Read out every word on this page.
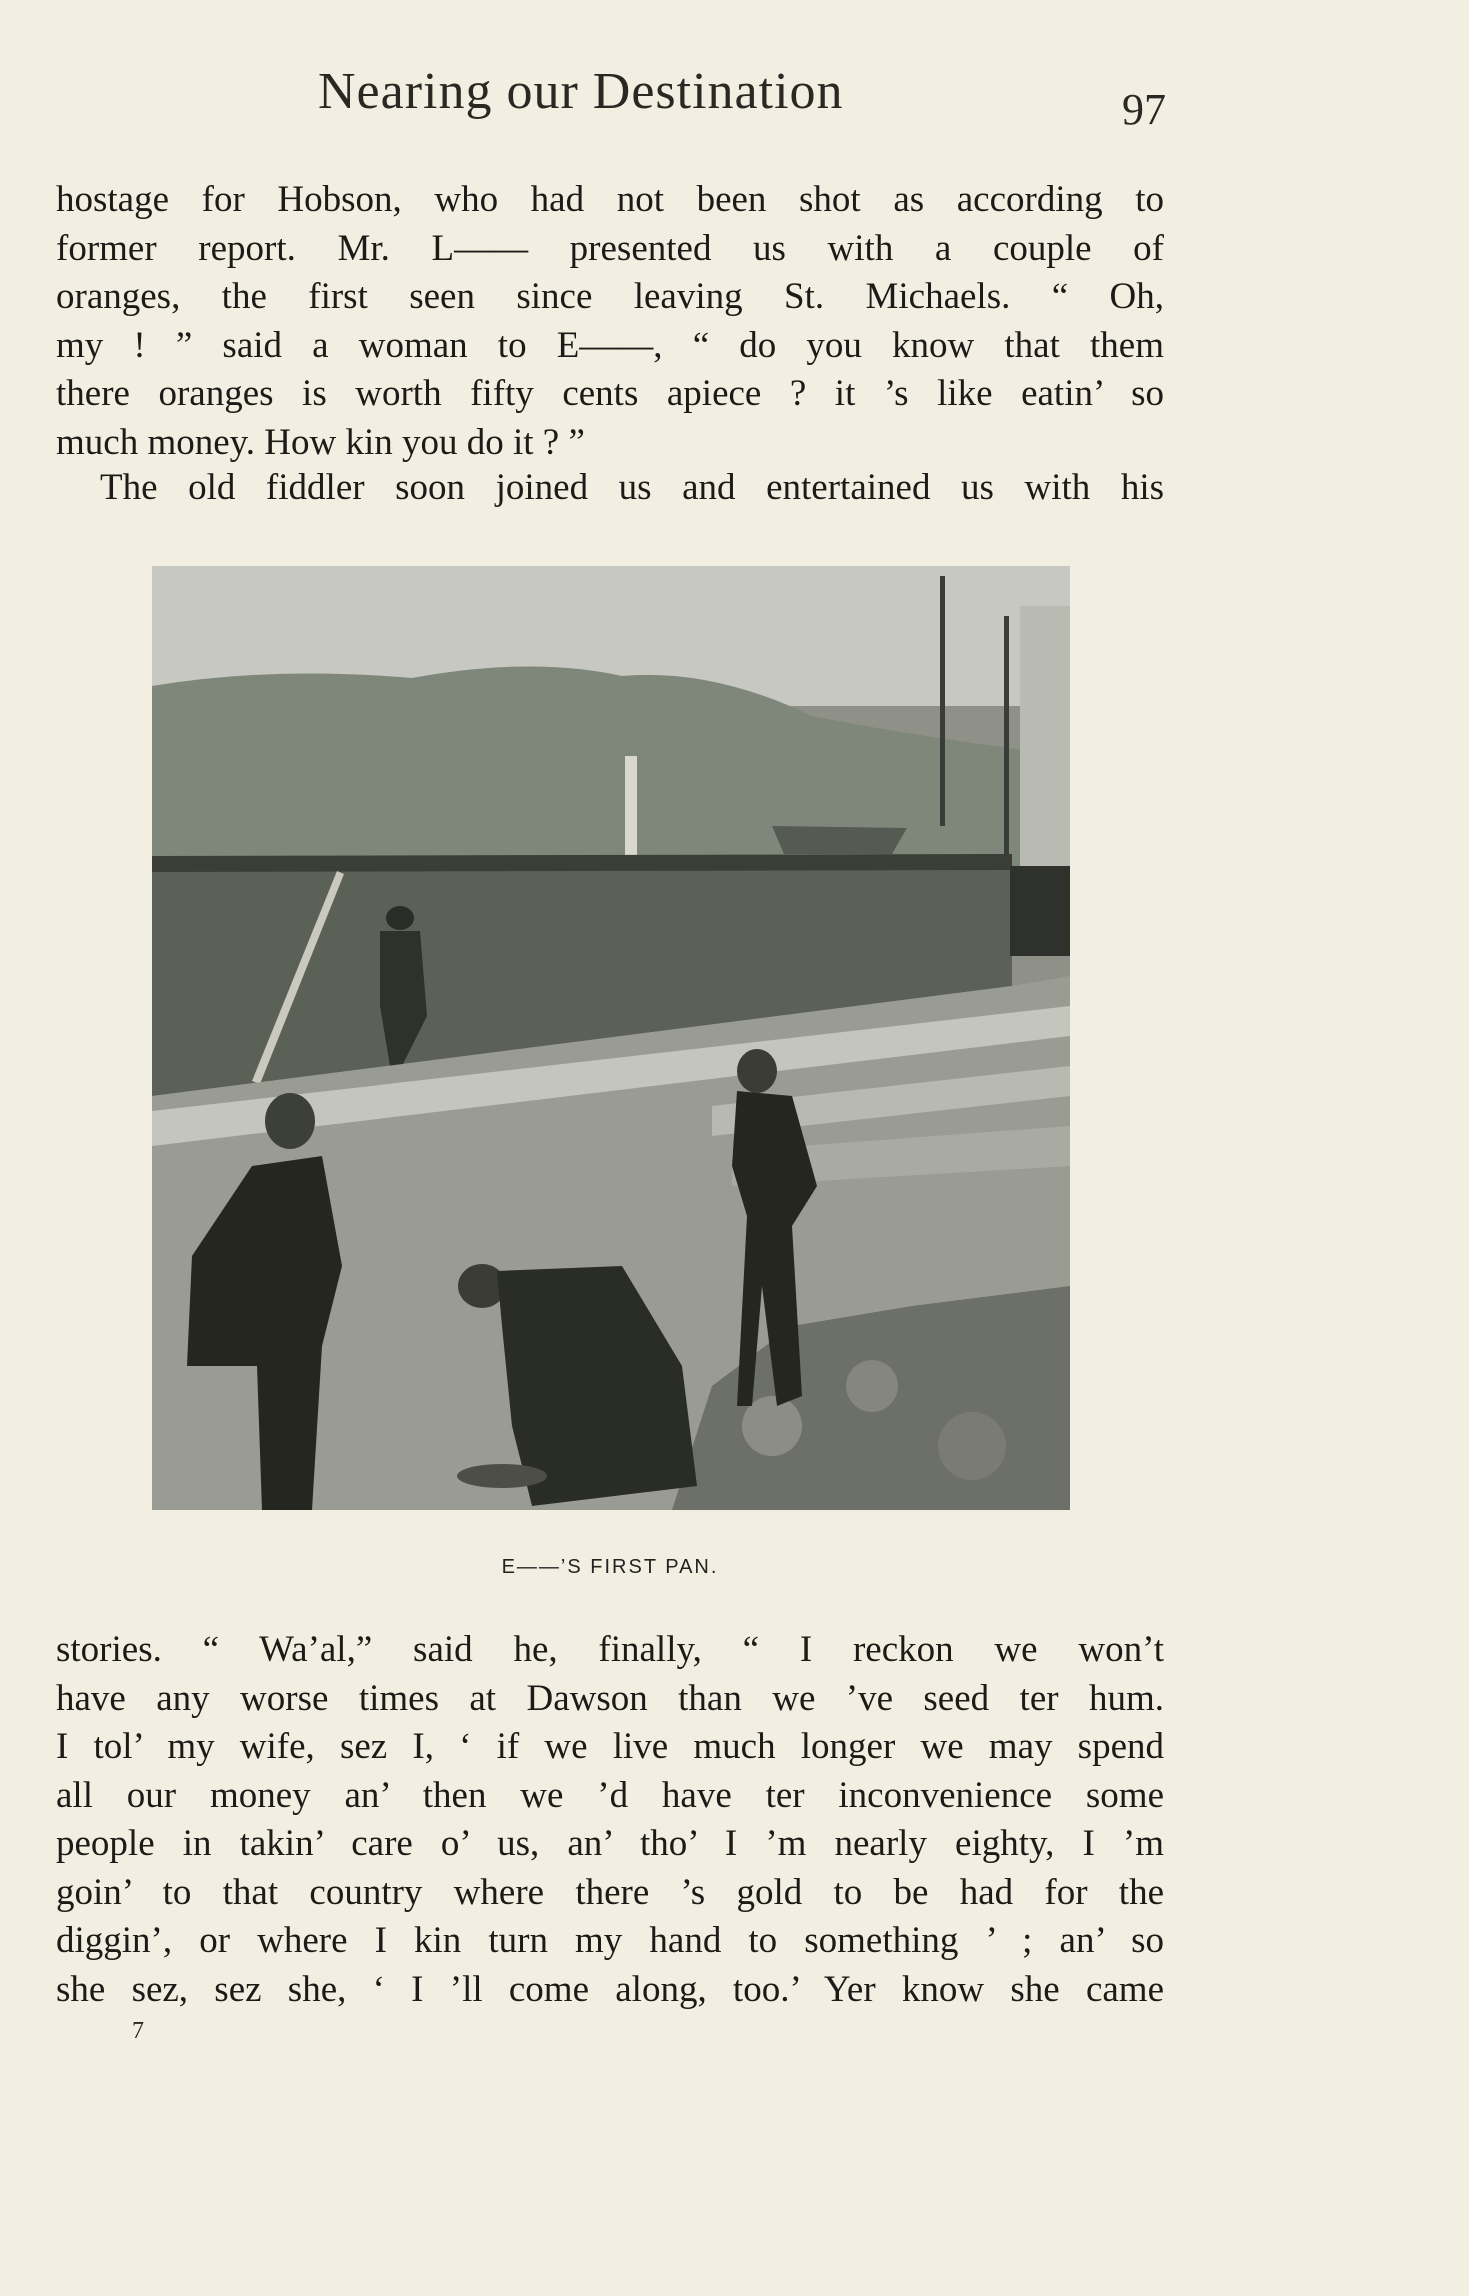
Nearing our Destination	97

hostage for Hobson, who had not been shot as according to

former report. Mr. L—— presented us with a couple of

oranges, the first seen since leaving St. Michaels. “ Oh,

my ! ” said a woman to E——, “ do you know that them

there oranges is worth fifty cents apiece ? it ’s like eatin’ so

much money. How kin you do it ? ”

The old fiddler soon joined us and entertained us with his

E——’S FIRST PAN.

stories. “ Wa’al,” said he, finally, “ I reckon we won’t

have any worse times at Dawson than we ’ve seed ter hum.

I tol’ my wife, sez I, ‘ if we live much longer we may spend

all our money an’ then we ’d have ter inconvenience some

people in takin’ care o’ us, an’ tho’ I ’m nearly eighty, I ’m

goin’ to that country where there ’s gold to be had for the

diggin’, or where I kin turn my hand to something ’ ; an’ so

she sez, sez she, ‘ I ’ll come along, too.’ Yer know she came

7
